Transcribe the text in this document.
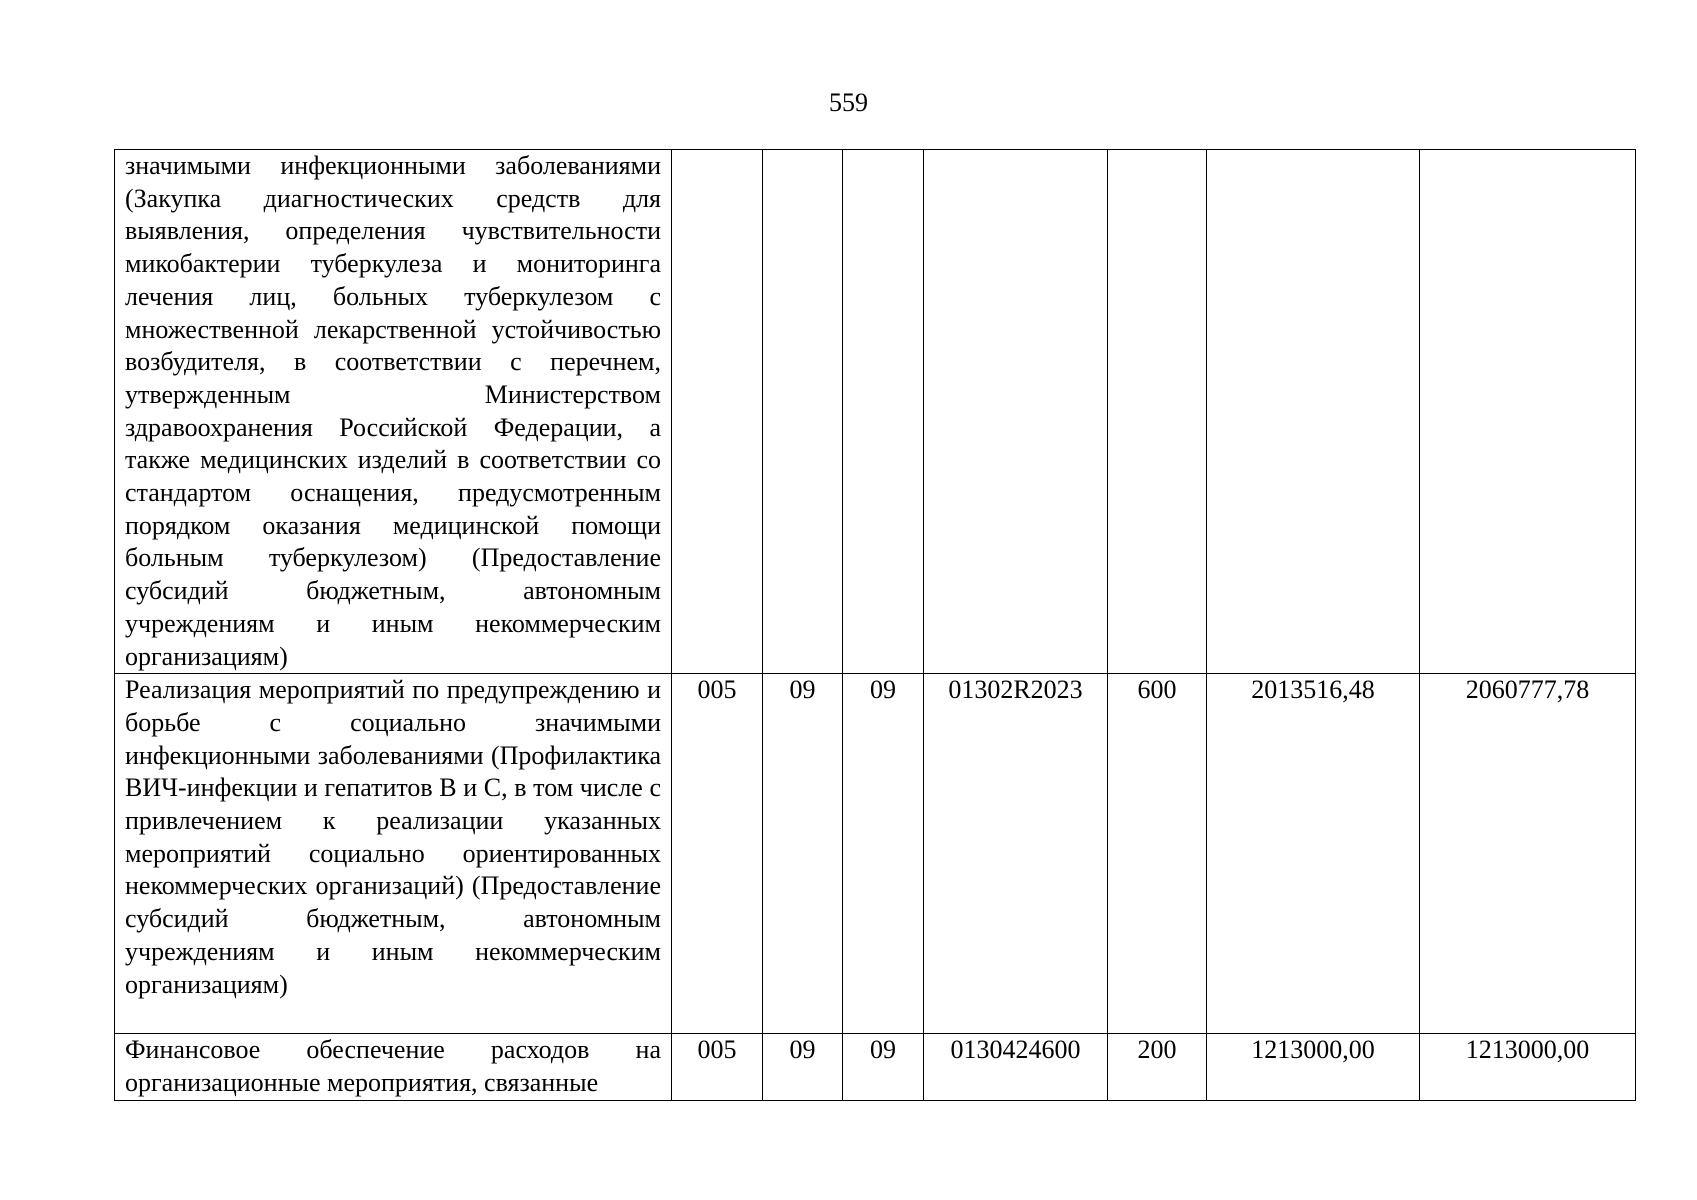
559
значимыми инфекционными заболеваниями (Закупка диагностических средств для выявления, определения чувствительности микобактерии туберкулеза и мониторинга лечения лиц, больных туберкулезом с множественной лекарственной устойчивостью возбудителя, в соответствии с перечнем, утвержденным Министерством здравоохранения Российской Федерации, а также медицинских изделий в соответствии со стандартом оснащения, предусмотренным порядком оказания медицинской помощи больным туберкулезом) (Предоставление субсидий бюджетным, автономным учреждениям и иным некоммерческим организациям)							

Реализация мероприятий по предупреждению и борьбе с социально значимыми инфекционными заболеваниями (Профилактика ВИЧ-инфекции и гепатитов В и С, в том числе с привлечением к реализации указанных мероприятий социально ориентированных некоммерческих организаций) (Предоставление субсидий бюджетным, автономным учреждениям и иным некоммерческим организациям)	005	09	09	01302R2023	600	2013516,48	2060777,78

Финансовое обеспечение расходов на организационные мероприятия, связанные	005	09	09	0130424600	200	1213000,00	1213000,00
